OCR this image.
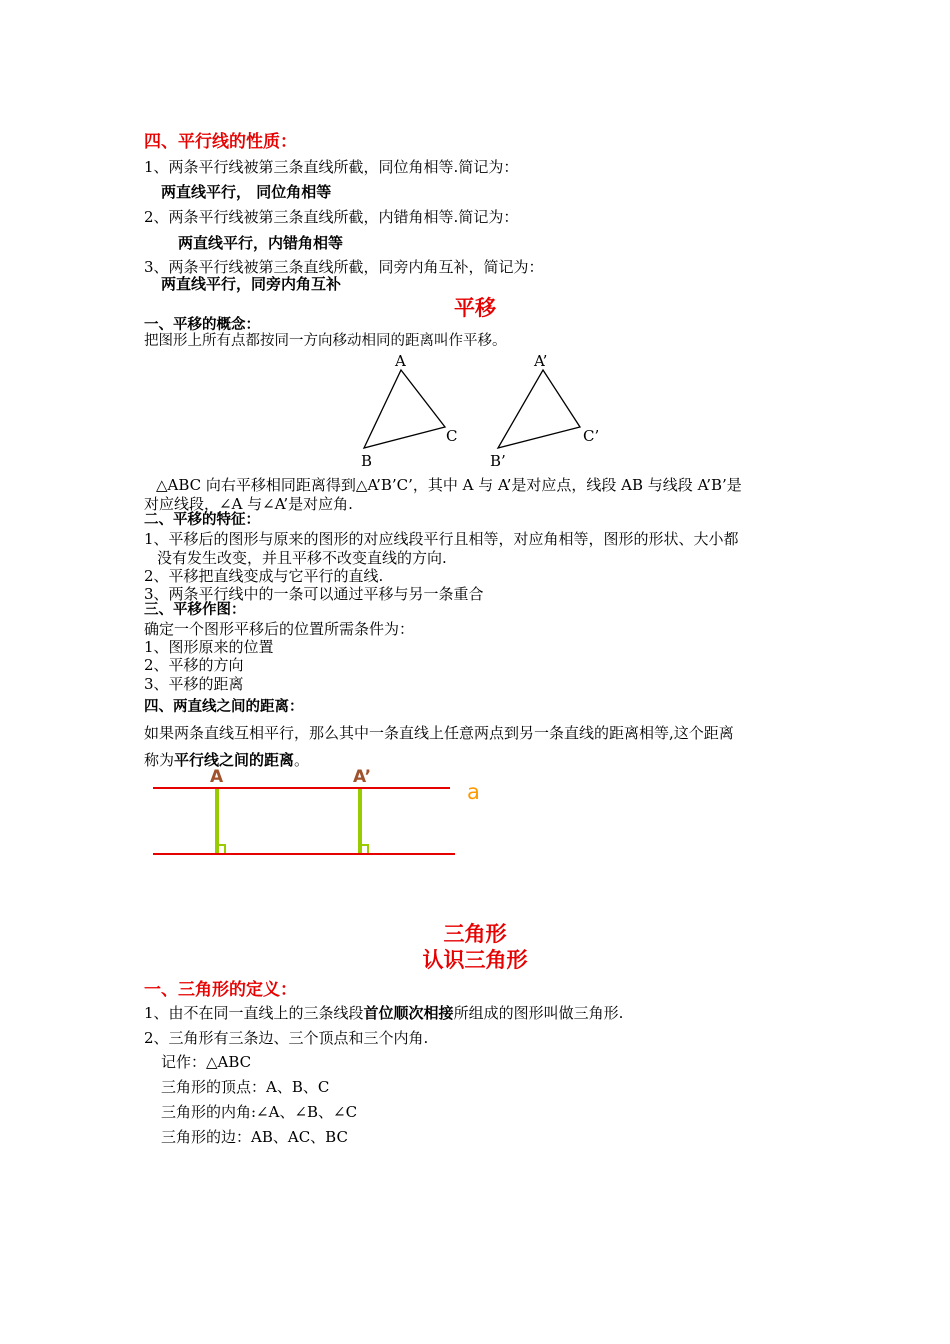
四、平行线的性质：
1、两条平行线被第三条直线所截，同位角相等.简记为：
两直线平行， 同位角相等
2、两条平行线被第三条直线所截，内错角相等.简记为：
两直线平行，内错角相等
3、两条平行线被第三条直线所截，同旁内角互补，简记为：
两直线平行，同旁内角互补
平移
一、平移的概念：
把图形上所有点都按同一方向移动相同的距离叫作平移。
A
B
C
A’
B’
C’
△ABC 向右平移相同距离得到△A’B’C’，其中 A 与 A’是对应点，线段 AB 与线段 A’B’是
对应线段，∠A 与∠A’是对应角.
二、平移的特征：
1、平移后的图形与原来的图形的对应线段平行且相等，对应角相等，图形的形状、大小都
没有发生改变，并且平移不改变直线的方向.
2、平移把直线变成与它平行的直线.
3、两条平行线中的一条可以通过平移与另一条重合
三、平移作图：
确定一个图形平移后的位置所需条件为：
1、图形原来的位置
2、平移的方向
3、平移的距离
四、两直线之间的距离：
如果两条直线互相平行，那么其中一条直线上任意两点到另一条直线的距离相等,这个距离
称为平行线之间的距离。
A	A’
a
三角形
认识三角形
一、三角形的定义：
1、由不在同一直线上的三条线段首位顺次相接所组成的图形叫做三角形.
2、三角形有三条边、三个顶点和三个内角.
记作：△ABC
三角形的顶点：A、B、C
三角形的内角:∠A、∠B、∠C
三角形的边：AB、AC、BC
